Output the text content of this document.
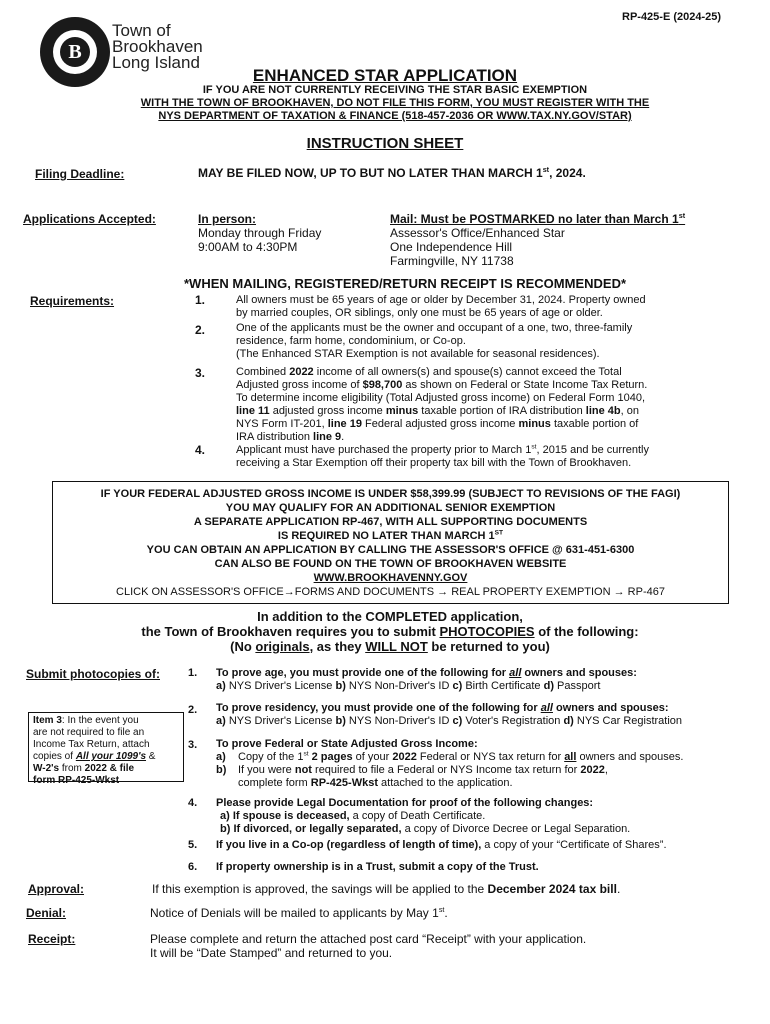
RP-425-E (2024-25)
B
Town of
Brookhaven
Long Island
ENHANCED STAR APPLICATION
IF YOU ARE NOT CURRENTLY RECEIVING THE STAR BASIC EXEMPTION
WITH THE TOWN OF BROOKHAVEN, DO NOT FILE THIS FORM, YOU MUST REGISTER WITH THE
NYS DEPARTMENT OF TAXATION & FINANCE (518-457-2036 OR WWW.TAX.NY.GOV/STAR)
INSTRUCTION SHEET
Filing Deadline:	MAY BE FILED NOW, UP TO BUT NO LATER THAN MARCH 1st, 2024.
Applications Accepted:	In person:
Monday through Friday
9:00AM to 4:30PM
Mail: Must be POSTMARKED no later than March 1st
Assessor's Office/Enhanced Star
One Independence Hill
Farmingville, NY 11738
*WHEN MAILING, REGISTERED/RETURN RECEIPT IS RECOMMENDED*
Requirements:	1.	All owners must be 65 years of age or older by December 31, 2024. Property owned
by married couples, OR siblings, only one must be 65 years of age or older.
2.	One of the applicants must be the owner and occupant of a one, two, three-family
residence, farm home, condominium, or Co-op.
(The Enhanced STAR Exemption is not available for seasonal residences).
3.	Combined 2022 income of all owners(s) and spouse(s) cannot exceed the Total
Adjusted gross income of $98,700 as shown on Federal or State Income Tax Return.
To determine income eligibility (Total Adjusted gross income) on Federal Form 1040,
line 11 adjusted gross income minus taxable portion of IRA distribution line 4b, on
NYS Form IT-201, line 19 Federal adjusted gross income minus taxable portion of
IRA distribution line 9.
4.	Applicant must have purchased the property prior to March 1st, 2015 and be currently
receiving a Star Exemption off their property tax bill with the Town of Brookhaven.
IF YOUR FEDERAL ADJUSTED GROSS INCOME IS UNDER $58,399.99 (SUBJECT TO REVISIONS OF THE FAGI)
YOU MAY QUALIFY FOR AN ADDITIONAL SENIOR EXEMPTION
A SEPARATE APPLICATION RP-467, WITH ALL SUPPORTING DOCUMENTS
IS REQUIRED NO LATER THAN MARCH 1ST
YOU CAN OBTAIN AN APPLICATION BY CALLING THE ASSESSOR'S OFFICE @ 631-451-6300
CAN ALSO BE FOUND ON THE TOWN OF BROOKHAVEN WEBSITE
WWW.BROOKHAVENNY.GOV
CLICK ON ASSESSOR'S OFFICE→FORMS AND DOCUMENTS → REAL PROPERTY EXEMPTION → RP-467
In addition to the COMPLETED application,
the Town of Brookhaven requires you to submit PHOTOCOPIES of the following:
(No originals, as they WILL NOT be returned to you)
Submit photocopies of:
Item 3: In the event you
are not required to file an
Income Tax Return, attach
copies of All your 1099's &
W-2's from 2022 & file
form RP-425-Wkst
1. To prove age, you must provide one of the following for all owners and spouses:
a) NYS Driver's License b) NYS Non-Driver's ID c) Birth Certificate d) Passport
2. To prove residency, you must provide one of the following for all owners and spouses:
a) NYS Driver's License b) NYS Non-Driver's ID c) Voter's Registration d) NYS Car Registration
3. To prove Federal or State Adjusted Gross Income:
a) Copy of the 1st 2 pages of your 2022 Federal or NYS tax return for all owners and spouses.
b) If you were not required to file a Federal or NYS Income tax return for 2022,
complete form RP-425-Wkst attached to the application.
4. Please provide Legal Documentation for proof of the following changes:
a) If spouse is deceased, a copy of Death Certificate.
b) If divorced, or legally separated, a copy of Divorce Decree or Legal Separation.
5. If you live in a Co-op (regardless of length of time), a copy of your “Certificate of Shares”.
6. If property ownership is in a Trust, submit a copy of the Trust.
Approval:	If this exemption is approved, the savings will be applied to the December 2024 tax bill.
Denial:	Notice of Denials will be mailed to applicants by May 1st.
Receipt:	Please complete and return the attached post card “Receipt” with your application.
It will be “Date Stamped” and returned to you.
